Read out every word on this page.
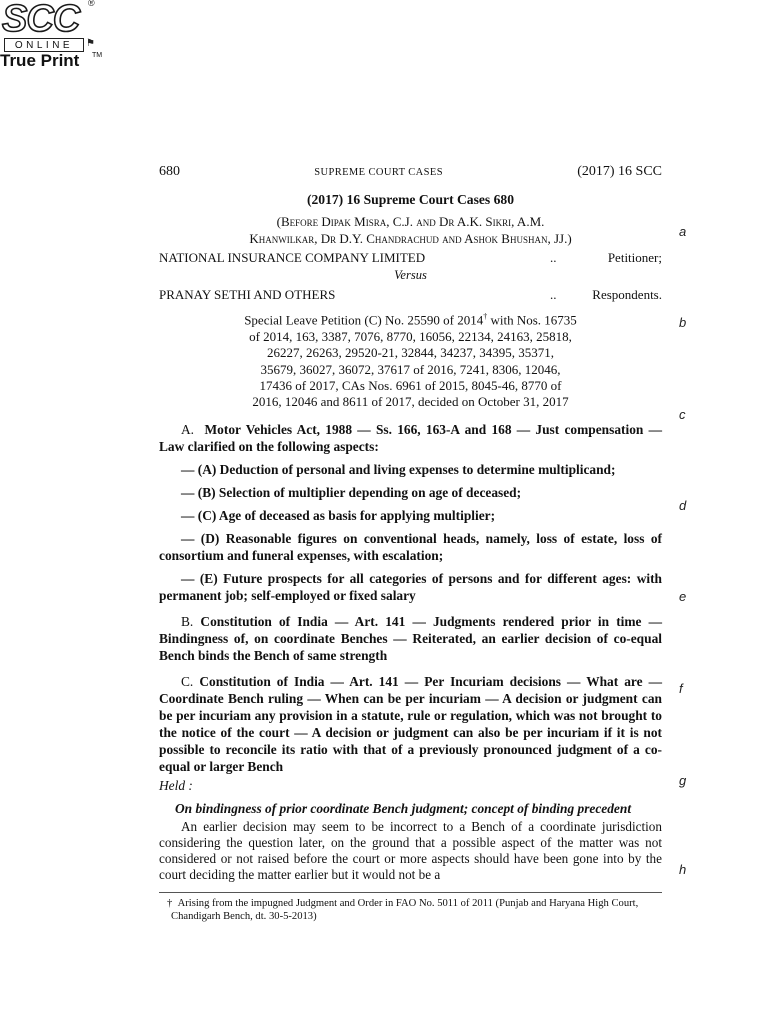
SCC ®
ONLINE	⚑
True Print TM
a
b
c
d
e
f
g
h
680	SUPREME COURT CASES	(2017) 16 SCC
(2017) 16 Supreme Court Cases 680
(Before Dipak Misra, C.J. and Dr A.K. Sikri, A.M.
Khanwilkar, Dr D.Y. Chandrachud and Ashok Bhushan, JJ.)
NATIONAL INSURANCE COMPANY LIMITED	..	Petitioner;
Versus
PRANAY SETHI AND OTHERS	..	Respondents.
Special Leave Petition (C) No. 25590 of 2014† with Nos. 16735
of 2014, 163, 3387, 7076, 8770, 16056, 22134, 24163, 25818,
26227, 26263, 29520-21, 32844, 34237, 34395, 35371,
35679, 36027, 36072, 37617 of 2016, 7241, 8306, 12046,
17436 of 2017, CAs Nos. 6961 of 2015, 8045-46, 8770 of
2016, 12046 and 8611 of 2017, decided on October 31, 2017
A. Motor Vehicles Act, 1988 — Ss. 166, 163-A and 168 — Just compensation — Law clarified on the following aspects:
— (A) Deduction of personal and living expenses to determine multiplicand;
— (B) Selection of multiplier depending on age of deceased;
— (C) Age of deceased as basis for applying multiplier;
— (D) Reasonable figures on conventional heads, namely, loss of estate, loss of consortium and funeral expenses, with escalation;
— (E) Future prospects for all categories of persons and for different ages: with permanent job; self-employed or fixed salary
B. Constitution of India — Art. 141 — Judgments rendered prior in time — Bindingness of, on coordinate Benches — Reiterated, an earlier decision of co-equal Bench binds the Bench of same strength
C. Constitution of India — Art. 141 — Per Incuriam decisions — What are — Coordinate Bench ruling — When can be per incuriam — A decision or judgment can be per incuriam any provision in a statute, rule or regulation, which was not brought to the notice of the court — A decision or judgment can also be per incuriam if it is not possible to reconcile its ratio with that of a previously pronounced judgment of a co-equal or larger Bench
Held :
On bindingness of prior coordinate Bench judgment; concept of binding precedent
An earlier decision may seem to be incorrect to a Bench of a coordinate jurisdiction considering the question later, on the ground that a possible aspect of the matter was not considered or not raised before the court or more aspects should have been gone into by the court deciding the matter earlier but it would not be a
† Arising from the impugned Judgment and Order in FAO No. 5011 of 2011 (Punjab and Haryana High Court, Chandigarh Bench, dt. 30-5-2013)
